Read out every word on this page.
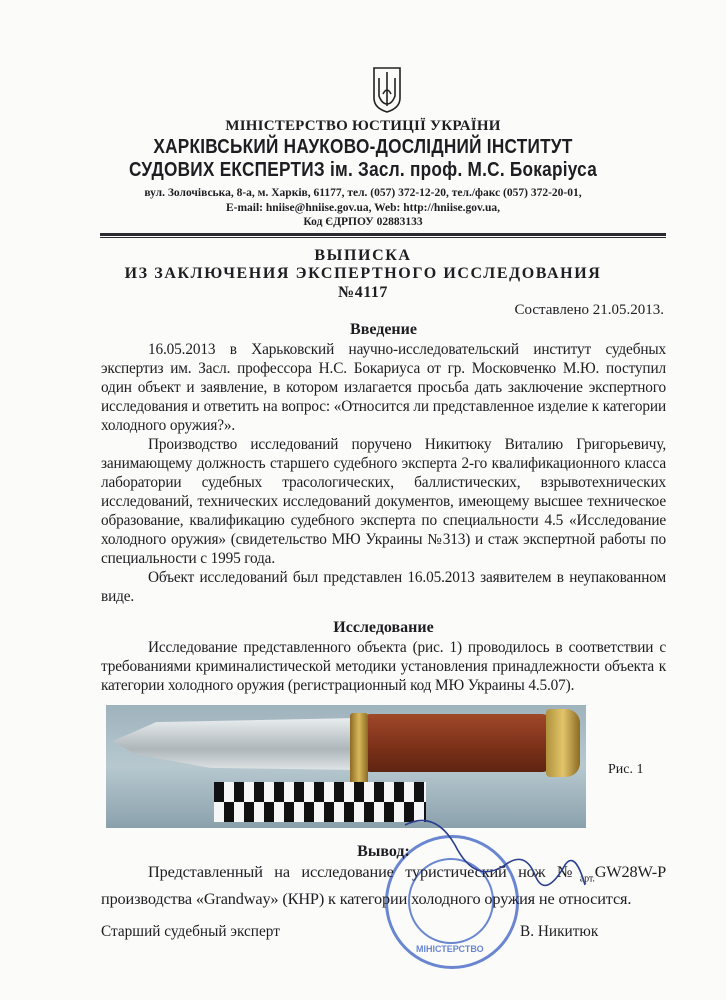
МІНІСТЕРСТВО ЮСТИЦІЇ УКРАЇНИ
ХАРКІВСЬКИЙ НАУКОВО-ДОСЛІДНИЙ ІНСТИТУТ
СУДОВИХ ЕКСПЕРТИЗ ім. Засл. проф. М.С. Бокаріуса
вул. Золочівська, 8-а, м. Харків, 61177, тел. (057) 372-12-20, тел./факс (057) 372-20-01,
E-mail: hniise@hniise.gov.ua, Web: http://hniise.gov.ua,
Код ЄДРПОУ 02883133
ВЫПИСКА
ИЗ ЗАКЛЮЧЕНИЯ ЭКСПЕРТНОГО ИССЛЕДОВАНИЯ
№4117
Составлено 21.05.2013.
МІНІСТЕРСТВО
Введение

16.05.2013 в Харьковский научно-исследовательский институт судебных экспертиз им. Засл. профессора Н.С. Бокариуса от гр. Московченко М.Ю. поступил один объект и заявление, в котором излагается просьба дать заключение экспертного исследования и ответить на вопрос: «Относится ли представленное изделие к категории холодного оружия?».

Производство исследований поручено Никитюку Виталию Григорьевичу, занимающему должность старшего судебного эксперта 2-го квалификационного класса лаборатории судебных трасологических, баллистических, взрывотехнических исследований, технических исследований документов, имеющему высшее техническое образование, квалификацию судебного эксперта по специальности 4.5 «Исследование холодного оружия» (свидетельство МЮ Украины №313) и стаж экспертной работы по специальности с 1995 года.

Объект исследований был представлен 16.05.2013 заявителем в неупакованном виде.

Исследование

Исследование представленного объекта (рис. 1) проводилось в соответствии с требованиями криминалистической методики установления принадлежности объекта к категории холодного оружия (регистрационный код МЮ Украины 4.5.07).

Рис. 1
Вывод:

Представленный на исследование туристический нож $№_{арт.}GW28W-P$ производства «Grandway» (КНР) к категории холодного оружия не относится.

Старший судебный эксперт	В. Никитюк
